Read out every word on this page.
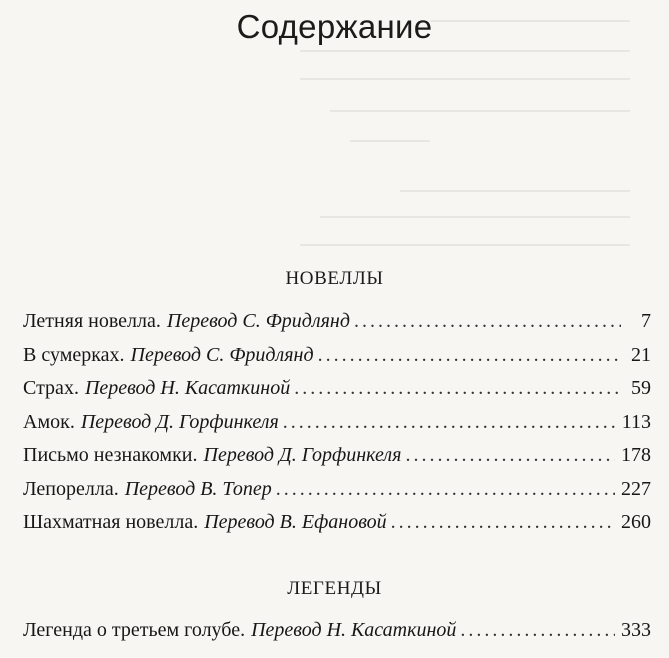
Содержание
НОВЕЛЛЫ
Летняя новелла. Перевод С. Фридлянд . . .	7
В сумерках. Перевод С. Фридлянд . . .	21
Страх. Перевод Н. Касаткиной . . .	59
Амок. Перевод Д. Горфинкеля . . .	113
Письмо незнакомки. Перевод Д. Горфинкеля . . .	178
Лепорелла. Перевод В. Топер . . .	227
Шахматная новелла. Перевод В. Ефановой . . .	260
ЛЕГЕНДЫ
Легенда о третьем голубе. Перевод Н. Касаткиной . . .	333
